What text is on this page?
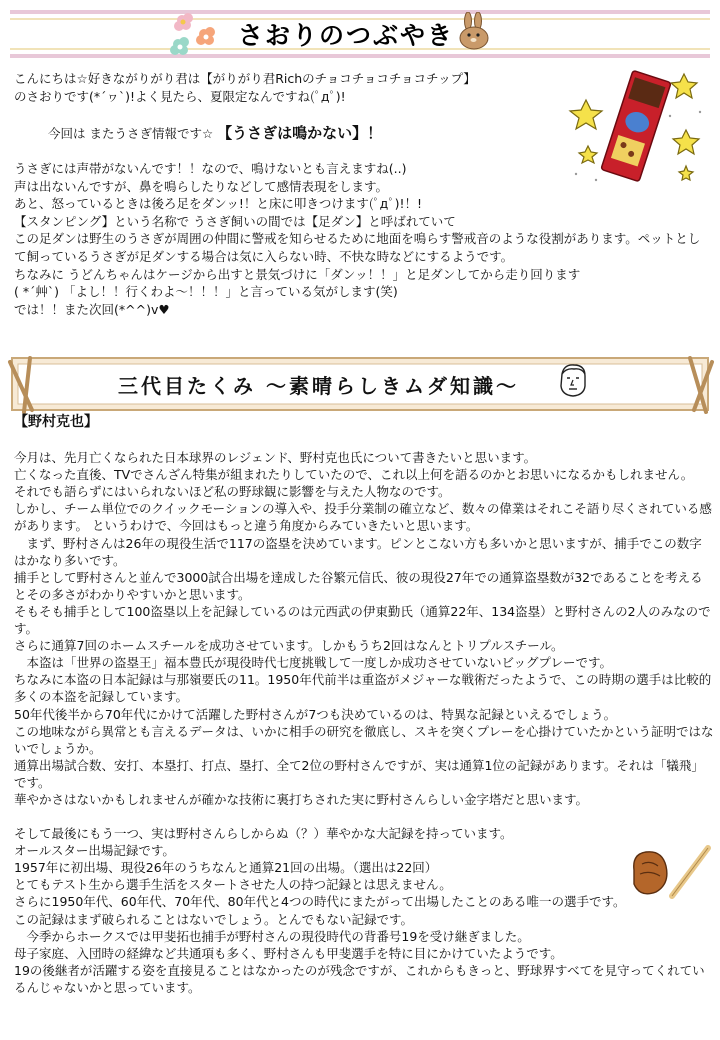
さおりのつぶやき
こんにちは☆好きながりがり君は【がりがり君Richのチョコチョコチョコチップ】
のさおりです(*´ヮ`)!よく見たら、夏限定なんですね(ﾟдﾟ)!
今回は またうさぎ情報です☆ 【うさぎは鳴かない】！
うさぎには声帯がないんです！！なので、鳴けないとも言えますね(..)
声は出ないんですが、鼻を鳴らしたりなどして感情表現をします。
あと、怒っているときは後ろ足をダンッ!！と床に叩きつけます(ﾟдﾟ)!！!
【スタンピング】という名称で うさぎ飼いの間では【足ダン】と呼ばれていて
この足ダンは野生のうさぎが周囲の仲間に警戒を知らせるために地面を鳴らす警戒音のような役割があります。ペットとして飼っているうさぎが足ダンする場合は気に入らない時、不快な時などにするようです。
ちなみに うどんちゃんはケージから出すと景気づけに「ダンッ！！」と足ダンしてから走り回ります
( *´艸`) 「よし！！行くわよ～！！！」と言っている気がします(笑)
では！！また次回(*^^)v♥
三代目たくみ ～素晴らしきムダ知識～
【野村克也】
今月は、先月亡くなられた日本球界のレジェンド、野村克也氏について書きたいと思います。
亡くなった直後、TVでさんざん特集が組まれたりしていたので、これ以上何を語るのかとお思いになるかもしれません。
それでも語らずにはいられないほど私の野球観に影響を与えた人物なのです。
しかし、チーム単位でのクイックモーションの導入や、投手分業制の確立など、数々の偉業はそれこそ語り尽くされている感があります。 というわけで、今回はもっと違う角度からみていきたいと思います。
　まず、野村さんは26年の現役生活で117の盗塁を決めています。ピンとこない方も多いかと思いますが、捕手でこの数字はかなり多いです。
捕手として野村さんと並んで3000試合出場を達成した谷繁元信氏、彼の現役27年での通算盗塁数が32であることを考えるとその多さがわかりやすいかと思います。
そもそも捕手として100盗塁以上を記録しているのは元西武の伊東勤氏（通算22年、134盗塁）と野村さんの2人のみなのです。
さらに通算7回のホームスチールを成功させています。しかもうち2回はなんとトリプルスチール。
　本盗は「世界の盗塁王」福本豊氏が現役時代七度挑戦して一度しか成功させていないビッグプレーです。
ちなみに本盗の日本記録は与那嶺要氏の11。1950年代前半は重盗がメジャーな戦術だったようで、この時期の選手は比較的多くの本盗を記録しています。
50年代後半から70年代にかけて活躍した野村さんが7つも決めているのは、特異な記録といえるでしょう。
この地味ながら異常とも言えるデータは、いかに相手の研究を徹底し、スキを突くプレーを心掛けていたかという証明ではないでしょうか。
通算出場試合数、安打、本塁打、打点、塁打、全て2位の野村さんですが、実は通算1位の記録があります。それは「犠飛」です。
華やかさはないかもしれませんが確かな技術に裏打ちされた実に野村さんらしい金字塔だと思います。
そして最後にもう一つ、実は野村さんらしからぬ（？）華やかな大記録を持っています。
オールスター出場記録です。
1957年に初出場、現役26年のうちなんと通算21回の出場。（選出は22回）
とてもテスト生から選手生活をスタートさせた人の持つ記録とは思えません。
さらに1950年代、60年代、70年代、80年代と4つの時代にまたがって出場したことのある唯一の選手です。
この記録はまず破られることはないでしょう。とんでもない記録です。
　今季からホークスでは甲斐拓也捕手が野村さんの現役時代の背番号19を受け継ぎました。
母子家庭、入団時の経緯など共通項も多く、野村さんも甲斐選手を特に目にかけていたようです。
19の後継者が活躍する姿を直接見ることはなかったのが残念ですが、これからもきっと、野球界すべてを見守ってくれているんじゃないかと思っています。
